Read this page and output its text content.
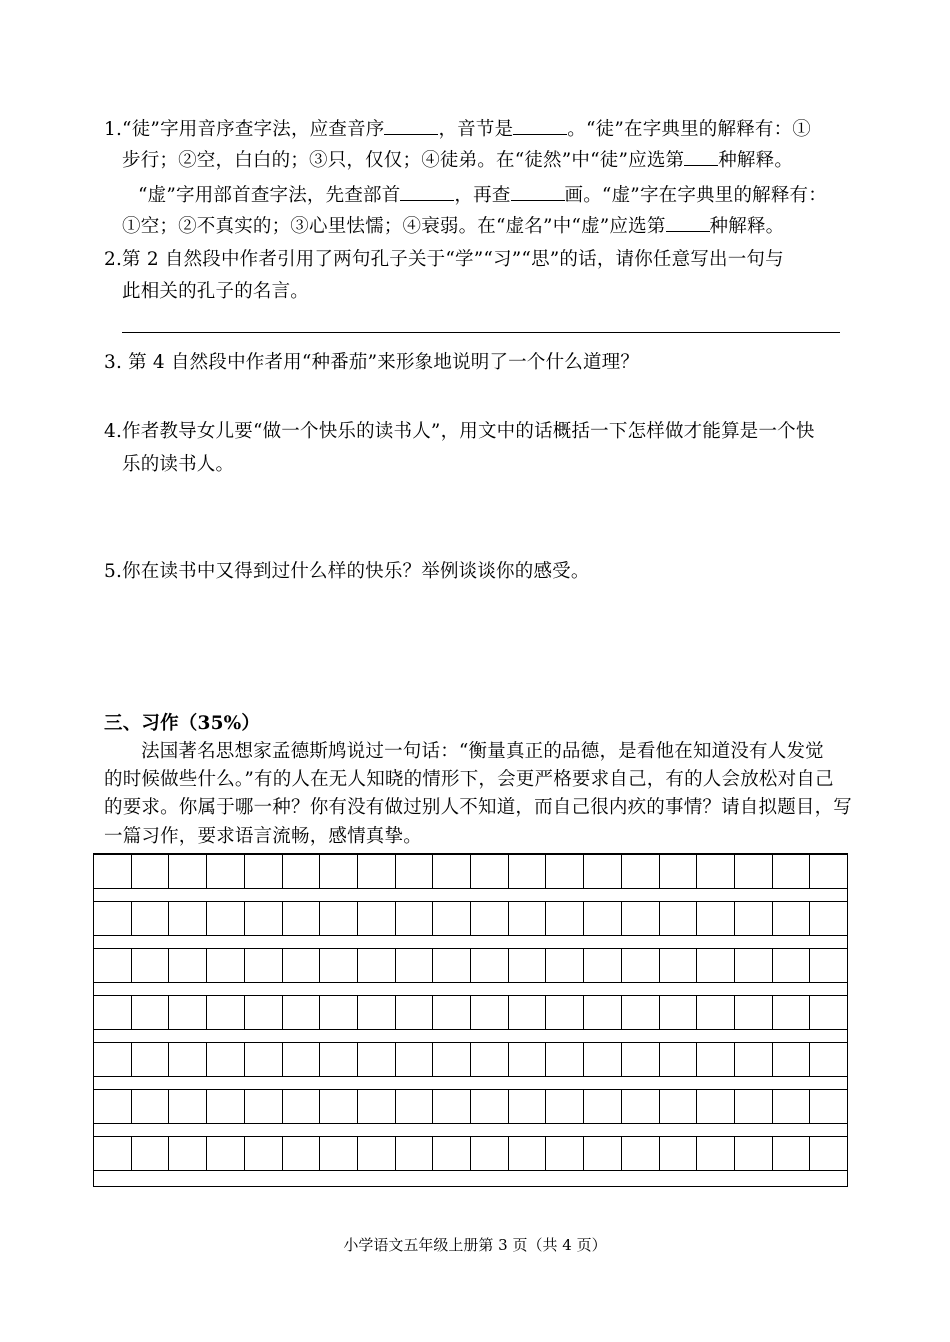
1.“徒”字用音序查字法，应查音序	，音节是	。“徒”在字典里的解释有：①
步行；②空，白白的；③只，仅仅；④徒弟。在“徒然”中“徒”应选第 种解释。
“虚”字用部首查字法，先查部首	，再查	画。“虚”字在字典里的解释有：
①空；②不真实的；③心里怯懦；④衰弱。在“虚名”中“虚”应选第 种解释。
2.第 2 自然段中作者引用了两句孔子关于“学”“习”“思”的话，请你任意写出一句与
此相关的孔子的名言。
3. 第 4 自然段中作者用“种番茄”来形象地说明了一个什么道理？
4.作者教导女儿要“做一个快乐的读书人”，用文中的话概括一下怎样做才能算是一个快
乐的读书人。
5.你在读书中又得到过什么样的快乐？举例谈谈你的感受。
三、习作（35%）
法国著名思想家孟德斯鸠说过一句话：“衡量真正的品德，是看他在知道没有人发觉
的时候做些什么。”有的人在无人知晓的情形下，会更严格要求自己，有的人会放松对自己
的要求。你属于哪一种？你有没有做过别人不知道，而自己很内疚的事情？请自拟题目，写
一篇习作，要求语言流畅，感情真挚。
小学语文五年级上册第 3 页（共 4 页）
